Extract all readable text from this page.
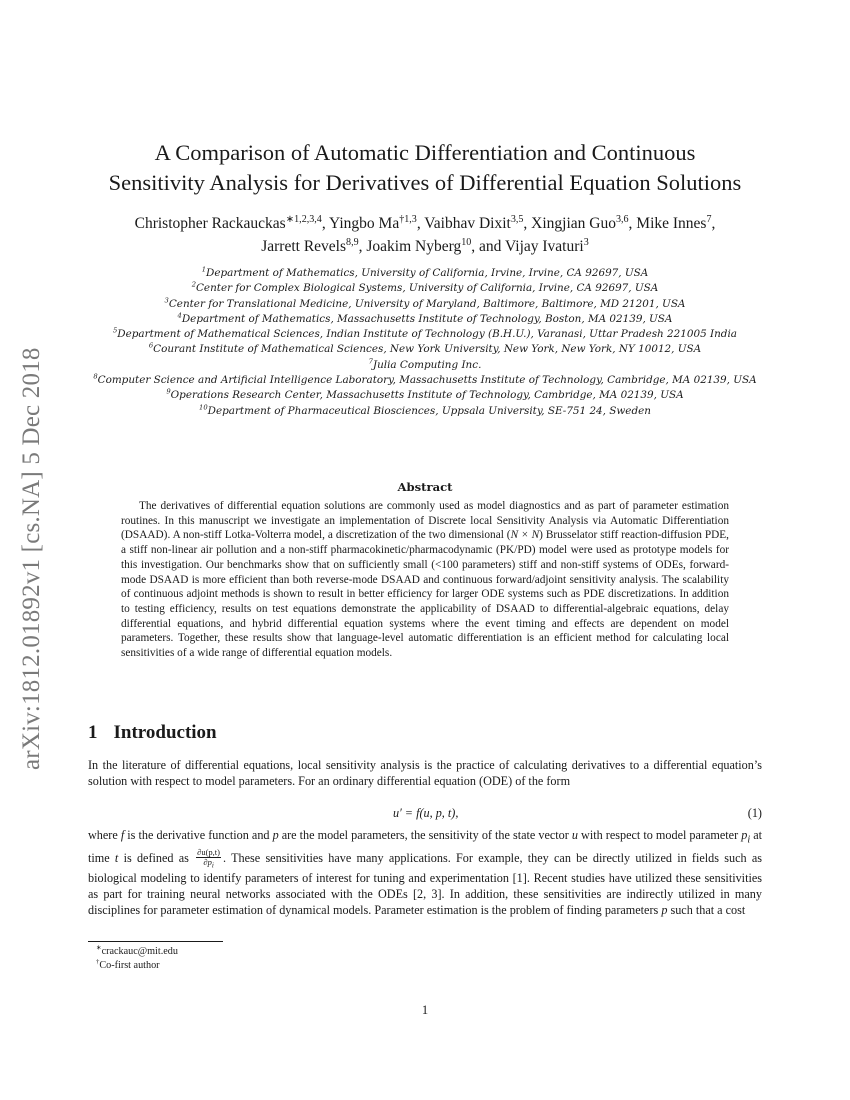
arXiv:1812.01892v1 [cs.NA] 5 Dec 2018
A Comparison of Automatic Differentiation and Continuous
Sensitivity Analysis for Derivatives of Differential Equation Solutions
Christopher Rackauckas$^{∗1,2,3,4}$, Yingbo Ma$^{\dagger 1,3}$, Vaibhav Dixit$^{3,5}$, Xingjian Guo$^{3,6}$, Mike Innes$^7$,
Jarrett Revels$^{8,9}$, Joakim Nyberg$^{10}$, and Vijay Ivaturi$^3$
$^1$Department of Mathematics, University of California, Irvine, Irvine, CA 92697, USA
$^2$Center for Complex Biological Systems, University of California, Irvine, CA 92697, USA
$^3$Center for Translational Medicine, University of Maryland, Baltimore, Baltimore, MD 21201, USA
$^4$Department of Mathematics, Massachusetts Institute of Technology, Boston, MA 02139, USA
$^5$Department of Mathematical Sciences, Indian Institute of Technology (B.H.U.), Varanasi, Uttar Pradesh 221005 India
$^6$Courant Institute of Mathematical Sciences, New York University, New York, New York, NY 10012, USA
$^7$Julia Computing Inc.
$^8$Computer Science and Artificial Intelligence Laboratory, Massachusetts Institute of Technology, Cambridge, MA 02139, USA
$^9$Operations Research Center, Massachusetts Institute of Technology, Cambridge, MA 02139, USA
$^{10}$Department of Pharmaceutical Biosciences, Uppsala University, SE-751 24, Sweden
Abstract
The derivatives of differential equation solutions are commonly used as model diagnostics and as part of parameter estimation routines. In this manuscript we investigate an implementation of Discrete local Sensitivity Analysis via Automatic Differentiation (DSAAD). A non-stiff Lotka-Volterra model, a discretization of the two dimensional (N × N) Brusselator stiff reaction-diffusion PDE, a stiff non-linear air pollution and a non-stiff pharmacokinetic/pharmacodynamic (PK/PD) model were used as prototype models for this investigation. Our benchmarks show that on sufficiently small (<100 parameters) stiff and non-stiff systems of ODEs, forward-mode DSAAD is more efficient than both reverse-mode DSAAD and continuous forward/adjoint sensitivity analysis. The scalability of continuous adjoint methods is shown to result in better efficiency for larger ODE systems such as PDE discretizations. In addition to testing efficiency, results on test equations demonstrate the applicability of DSAAD to differential-algebraic equations, delay differential equations, and hybrid differential equation systems where the event timing and effects are dependent on model parameters. Together, these results show that language-level automatic differentiation is an efficient method for calculating local sensitivities of a wide range of differential equation models.
1 Introduction
In the literature of differential equations, local sensitivity analysis is the practice of calculating derivatives to a differential equation’s solution with respect to model parameters. For an ordinary differential equation (ODE) of the form
u′ = f(u, p, t),	(1)
where f is the derivative function and p are the model parameters, the sensitivity of the state vector u with respect to model parameter $p_i$ at time t is defined as $\frac{\partial u(p,t)}{\partial p_i}$ . These sensitivities have many applications. For example, they can be directly utilized in fields such as biological modeling to identify parameters of interest for tuning and experimentation [1]. Recent studies have utilized these sensitivities as part for training neural networks associated with the ODEs [2, 3]. In addition, these sensitivities are indirectly utilized in many disciplines for parameter estimation of dynamical models. Parameter estimation is the problem of finding parameters p such that a cost
∗crackauc@mit.edu
†Co-first author
1
